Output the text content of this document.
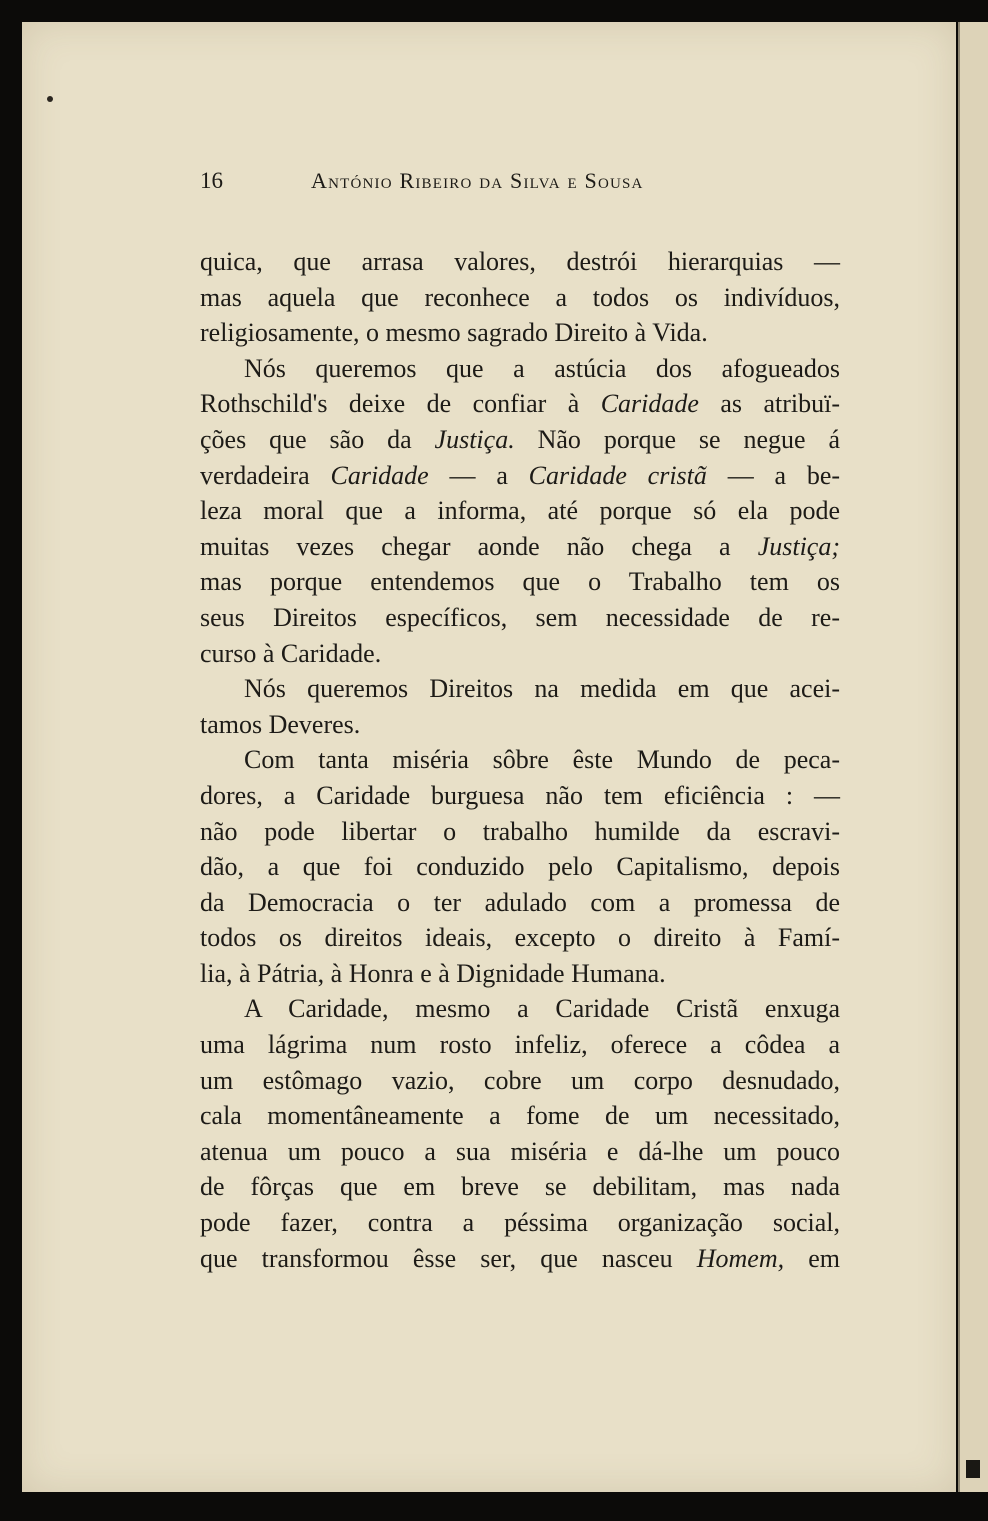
16	António Ribeiro da Silva e Sousa
quica, que arrasa valores, destrói hierarquias —
mas aquela que reconhece a todos os indivíduos,
religiosamente, o mesmo sagrado Direito à Vida.
Nós queremos que a astúcia dos afogueados
Rothschild's deixe de confiar à Caridade as atribuï-
ções que são da Justiça. Não porque se negue á
verdadeira Caridade — a Caridade cristã — a be-
leza moral que a informa, até porque só ela pode
muitas vezes chegar aonde não chega a Justiça;
mas porque entendemos que o Trabalho tem os
seus Direitos específicos, sem necessidade de re-
curso à Caridade.
Nós queremos Direitos na medida em que acei-
tamos Deveres.
Com tanta miséria sôbre êste Mundo de peca-
dores, a Caridade burguesa não tem eficiência : —
não pode libertar o trabalho humilde da escravi-
dão, a que foi conduzido pelo Capitalismo, depois
da Democracia o ter adulado com a promessa de
todos os direitos ideais, excepto o direito à Famí-
lia, à Pátria, à Honra e à Dignidade Humana.
A Caridade, mesmo a Caridade Cristã enxuga
uma lágrima num rosto infeliz, oferece a côdea a
um estômago vazio, cobre um corpo desnudado,
cala momentâneamente a fome de um necessitado,
atenua um pouco a sua miséria e dá-lhe um pouco
de fôrças que em breve se debilitam, mas nada
pode fazer, contra a péssima organização social,
que transformou êsse ser, que nasceu Homem, em
